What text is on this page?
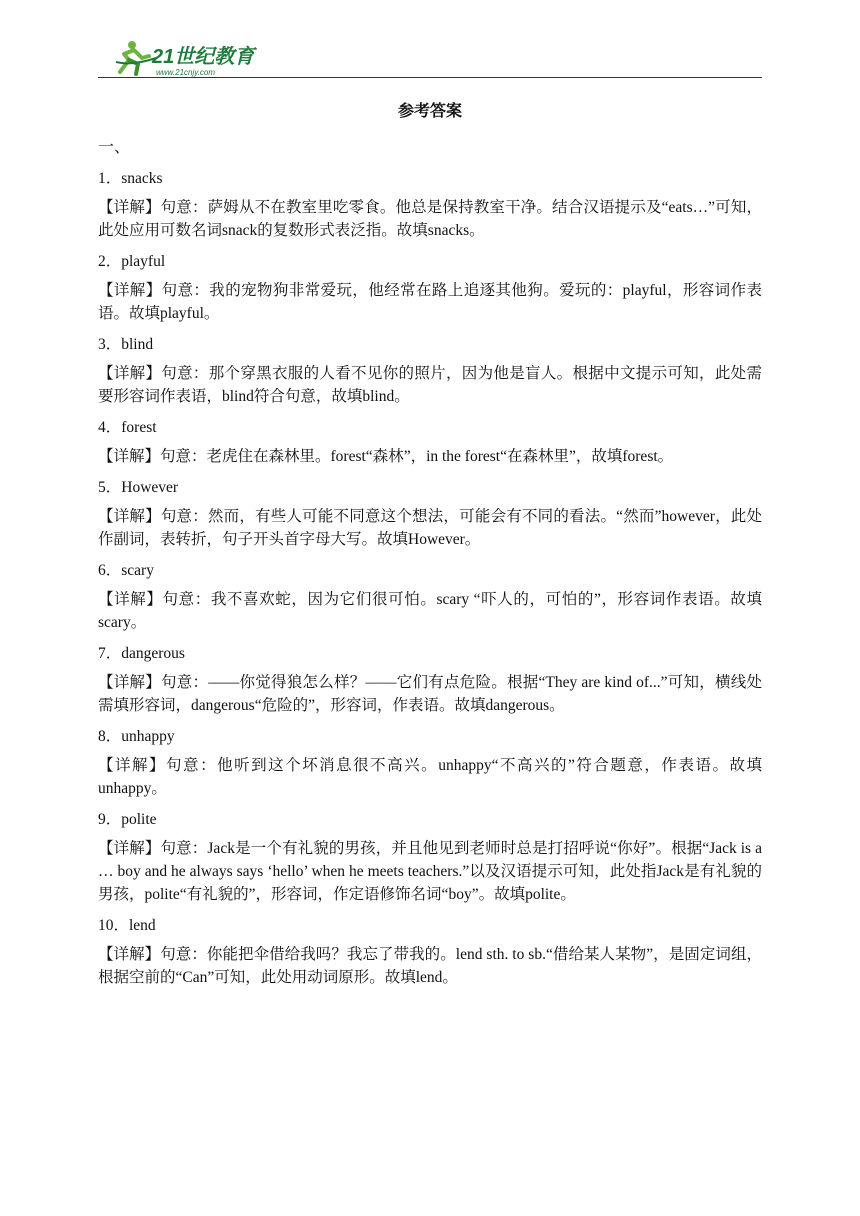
21世纪教育
www.21cnjy.com
参考答案
一、
1．snacks
【详解】句意：萨姆从不在教室里吃零食。他总是保持教室干净。结合汉语提示及“eats…”可知，此处应用可数名词snack的复数形式表泛指。故填snacks。
2．playful
【详解】句意：我的宠物狗非常爱玩，他经常在路上追逐其他狗。爱玩的：playful，形容词作表语。故填playful。
3．blind
【详解】句意：那个穿黑衣服的人看不见你的照片，因为他是盲人。根据中文提示可知，此处需要形容词作表语，blind符合句意，故填blind。
4．forest
【详解】句意：老虎住在森林里。forest“森林”，in the forest“在森林里”，故填forest。
5．However
【详解】句意：然而，有些人可能不同意这个想法，可能会有不同的看法。“然而”however，此处作副词，表转折，句子开头首字母大写。故填However。
6．scary
【详解】句意：我不喜欢蛇，因为它们很可怕。scary “吓人的，可怕的”，形容词作表语。故填scary。
7．dangerous
【详解】句意：——你觉得狼怎么样？——它们有点危险。根据“They are kind of...”可知，横线处需填形容词，dangerous“危险的”，形容词，作表语。故填dangerous。
8．unhappy
【详解】句意：他听到这个坏消息很不高兴。unhappy“不高兴的”符合题意，作表语。故填unhappy。
9．polite
【详解】句意：Jack是一个有礼貌的男孩，并且他见到老师时总是打招呼说“你好”。根据“Jack is a … boy and he always says ‘hello’ when he meets teachers.”以及汉语提示可知，此处指Jack是有礼貌的男孩，polite“有礼貌的”，形容词，作定语修饰名词“boy”。故填polite。
10．lend
【详解】句意：你能把伞借给我吗？我忘了带我的。lend sth. to sb.“借给某人某物”，是固定词组，根据空前的“Can”可知，此处用动词原形。故填lend。
